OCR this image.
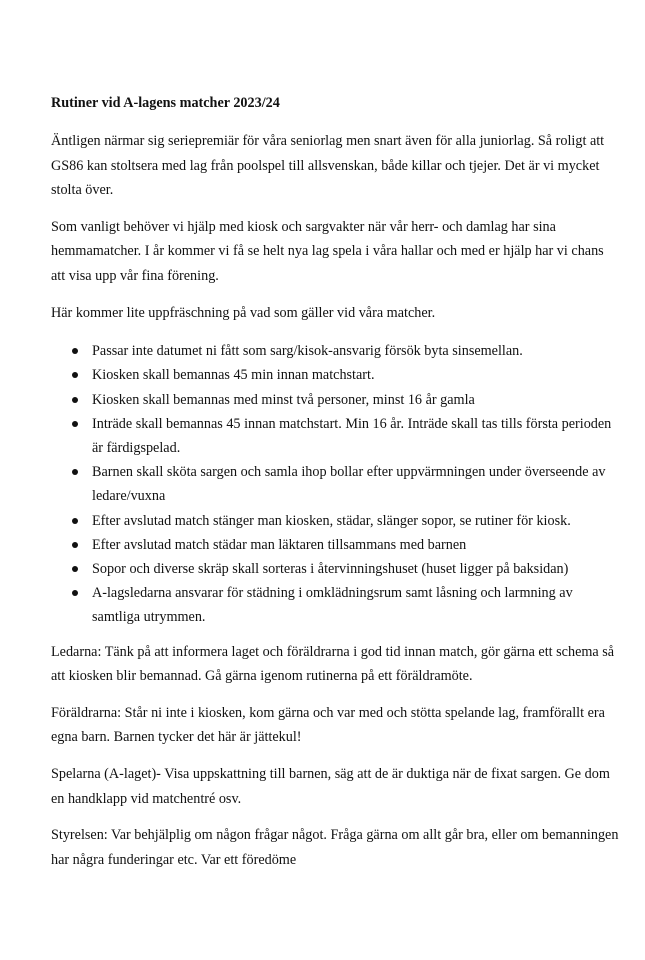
Rutiner vid A-lagens matcher 2023/24

Äntligen närmar sig seriepremiär för våra seniorlag men snart även för alla juniorlag. Så roligt att GS86 kan stoltsera med lag från poolspel till allsvenskan, både killar och tjejer. Det är vi mycket stolta över.

Som vanligt behöver vi hjälp med kiosk och sargvakter när vår herr- och damlag har sina hemmamatcher. I år kommer vi få se helt nya lag spela i våra hallar och med er hjälp har vi chans att visa upp vår fina förening.

Här kommer lite uppfräschning på vad som gäller vid våra matcher.

Passar inte datumet ni fått som sarg/kisok-ansvarig försök byta sinsemellan.
Kiosken skall bemannas 45 min innan matchstart.
Kiosken skall bemannas med minst två personer, minst 16 år gamla
Inträde skall bemannas 45 innan matchstart. Min 16 år. Inträde skall tas tills första perioden är färdigspelad.
Barnen skall sköta sargen och samla ihop bollar efter uppvärmningen under överseende av ledare/vuxna
Efter avslutad match stänger man kiosken, städar, slänger sopor, se rutiner för kiosk.
Efter avslutad match städar man läktaren tillsammans med barnen
Sopor och diverse skräp skall sorteras i återvinningshuset (huset ligger på baksidan)
A-lagsledarna ansvarar för städning i omklädningsrum samt låsning och larmning av samtliga utrymmen.

Ledarna: Tänk på att informera laget och föräldrarna i god tid innan match, gör gärna ett schema så att kiosken blir bemannad. Gå gärna igenom rutinerna på ett föräldramöte.

Föräldrarna: Står ni inte i kiosken, kom gärna och var med och stötta spelande lag, framförallt era egna barn. Barnen tycker det här är jättekul!

Spelarna (A-laget)- Visa uppskattning till barnen, säg att de är duktiga när de fixat sargen. Ge dom en handklapp vid matchentré osv.

Styrelsen: Var behjälplig om någon frågar något. Fråga gärna om allt går bra, eller om bemanningen har några funderingar etc. Var ett föredöme
